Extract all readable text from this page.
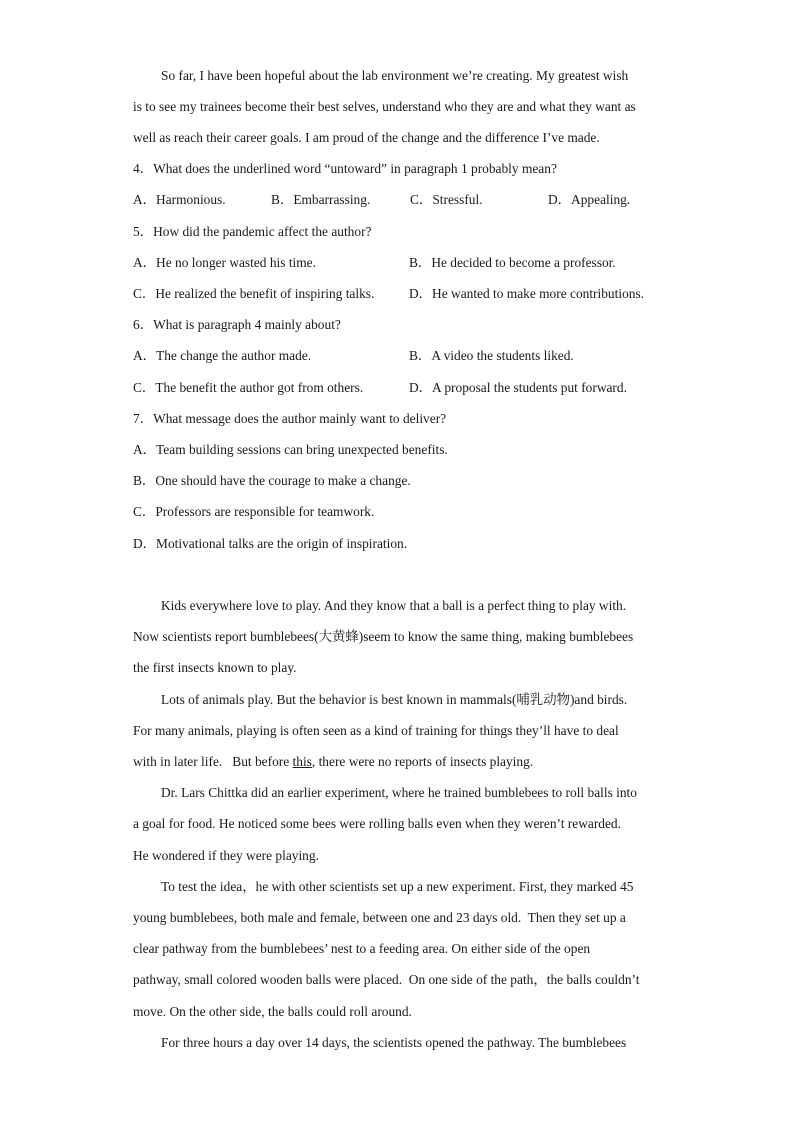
So far, I have been hopeful about the lab environment we’re creating. My greatest wish
is to see my trainees become their best selves, understand who they are and what they want as
well as reach their career goals. I am proud of the change and the difference I’ve made.
4．What does the underlined word “untoward” in paragraph 1 probably mean?
A．Harmonious.	B．Embarrassing.	C．Stressful.	D．Appealing.
5．How did the pandemic affect the author?
A．He no longer wasted his time.	B．He decided to become a professor.
C．He realized the benefit of inspiring talks.	D．He wanted to make more contributions.
6．What is paragraph 4 mainly about?
A．The change the author made.	B．A video the students liked.
C．The benefit the author got from others.	D．A proposal the students put forward.
7．What message does the author mainly want to deliver?
A．Team building sessions can bring unexpected benefits.
B．One should have the courage to make a change.
C．Professors are responsible for teamwork.
D．Motivational talks are the origin of inspiration.
Kids everywhere love to play. And they know that a ball is a perfect thing to play with.
Now scientists report bumblebees(大黄蜂)seem to know the same thing, making bumblebees
the first insects known to play.
Lots of animals play. But the behavior is best known in mammals(哺乳动物)and birds.
For many animals, playing is often seen as a kind of training for things they’ll have to deal
with in later life.   But before this, there were no reports of insects playing.
Dr. Lars Chittka did an earlier experiment, where he trained bumblebees to roll balls into
a goal for food. He noticed some bees were rolling balls even when they weren’t rewarded.
He wondered if they were playing.
To test the idea，he with other scientists set up a new experiment. First, they marked 45
young bumblebees, both male and female, between one and 23 days old.  Then they set up a
clear pathway from the bumblebees’ nest to a feeding area. On either side of the open
pathway, small colored wooden balls were placed.  On one side of the path，the balls couldn’t
move. On the other side, the balls could roll around.
For three hours a day over 14 days, the scientists opened the pathway. The bumblebees
